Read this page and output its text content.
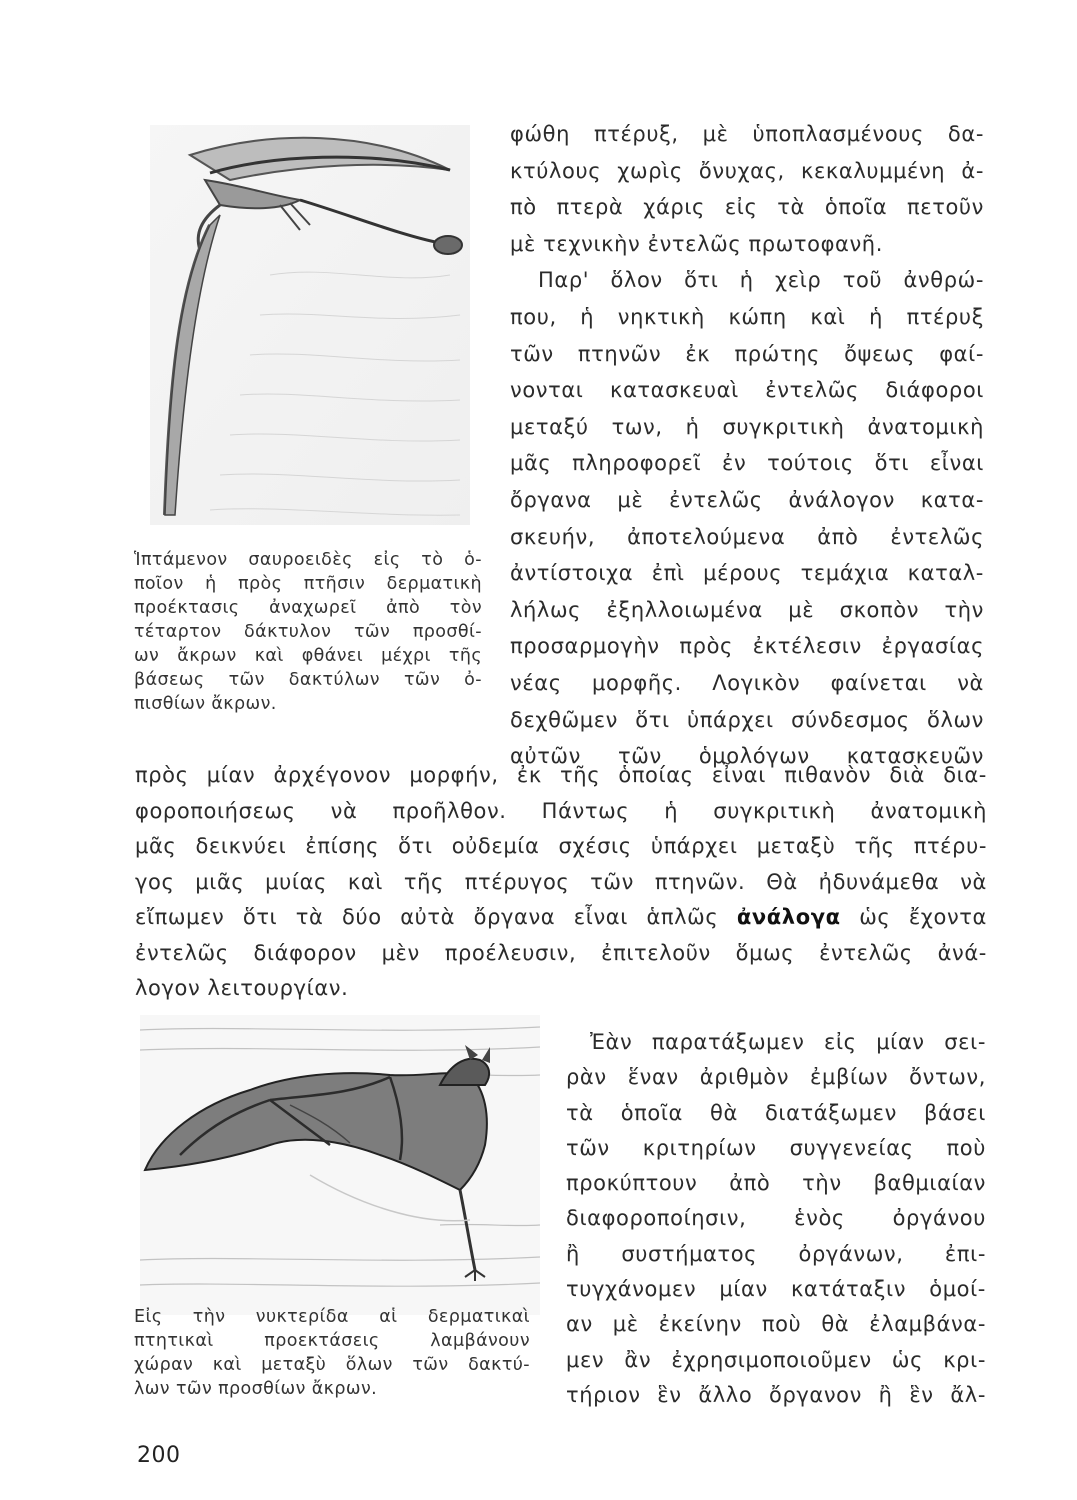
Ἱπτάμενον σαυροειδὲς εἰς τὸ ὁ-
ποῖον ἡ πρὸς πτῆσιν δερματικὴ
προέκτασις ἀναχωρεῖ ἀπὸ τὸν
τέταρτον δάκτυλον τῶν προσθί-
ων ἄκρων καὶ φθάνει μέχρι τῆς
βάσεως τῶν δακτύλων τῶν ὀ-
πισθίων ἄκρων.
φώθη πτέρυξ, μὲ ὑποπλασμένους δα-
κτύλους χωρὶς ὄνυχας, κεκαλυμμένη ἀ-
πὸ πτερὰ χάρις εἰς τὰ ὁποῖα πετοῦν
μὲ τεχνικὴν ἐντελῶς πρωτοφανῆ.
Παρ' ὅλον ὅτι ἡ χεὶρ τοῦ ἀνθρώ-
που, ἡ νηκτικὴ κώπη καὶ ἡ πτέρυξ
τῶν πτηνῶν ἐκ πρώτης ὄψεως φαί-
νονται κατασκευαὶ ἐντελῶς διάφοροι
μεταξύ των, ἡ συγκριτικὴ ἀνατομικὴ
μᾶς πληροφορεῖ ἐν τούτοις ὅτι εἶναι
ὄργανα μὲ ἐντελῶς ἀνάλογον κατα-
σκευήν, ἀποτελούμενα ἀπὸ ἐντελῶς
ἀντίστοιχα ἐπὶ μέρους τεμάχια καταλ-
λήλως ἐξηλλοιωμένα μὲ σκοπὸν τὴν
προσαρμογὴν πρὸς ἐκτέλεσιν ἐργασίας
νέας μορφῆς. Λογικὸν φαίνεται νὰ
δεχθῶμεν ὅτι ὑπάρχει σύνδεσμος ὅλων
αὐτῶν τῶν ὁμολόγων κατασκευῶν
πρὸς μίαν ἀρχέγονον μορφήν, ἐκ τῆς ὁποίας εἶναι πιθανὸν διὰ δια-
φοροποιήσεως νὰ προῆλθον. Πάντως ἡ συγκριτικὴ ἀνατομικὴ
μᾶς δεικνύει ἐπίσης ὅτι οὐδεμία σχέσις ὑπάρχει μεταξὺ τῆς πτέρυ-
γος μιᾶς μυίας καὶ τῆς πτέρυγος τῶν πτηνῶν. Θὰ ἠδυνάμεθα νὰ
εἴπωμεν ὅτι τὰ δύο αὐτὰ ὄργανα εἶναι ἁπλῶς ἀνάλογα ὡς ἔχοντα
ἐντελῶς διάφορον μὲν προέλευσιν, ἐπιτελοῦν ὅμως ἐντελῶς ἀνά-
λογον λειτουργίαν.
Εἰς τὴν νυκτερίδα αἱ δερματικαὶ
πτητικαὶ προεκτάσεις λαμβάνουν
χώραν καὶ μεταξὺ ὅλων τῶν δακτύ-
λων τῶν προσθίων ἄκρων.
Ἐὰν παρατάξωμεν εἰς μίαν σει-
ρὰν ἕναν ἀριθμὸν ἐμβίων ὄντων,
τὰ ὁποῖα θὰ διατάξωμεν βάσει
τῶν κριτηρίων συγγενείας ποὺ
προκύπτουν ἀπὸ τὴν βαθμιαίαν
διαφοροποίησιν, ἑνὸς ὀργάνου
ἢ συστήματος ὀργάνων, ἐπι-
τυγχάνομεν μίαν κατάταξιν ὁμοί-
αν μὲ ἐκείνην ποὺ θὰ ἐλαμβάνα-
μεν ἂν ἐχρησιμοποιοῦμεν ὡς κρι-
τήριον ἓν ἄλλο ὄργανον ἢ ἓν ἄλ-
200
